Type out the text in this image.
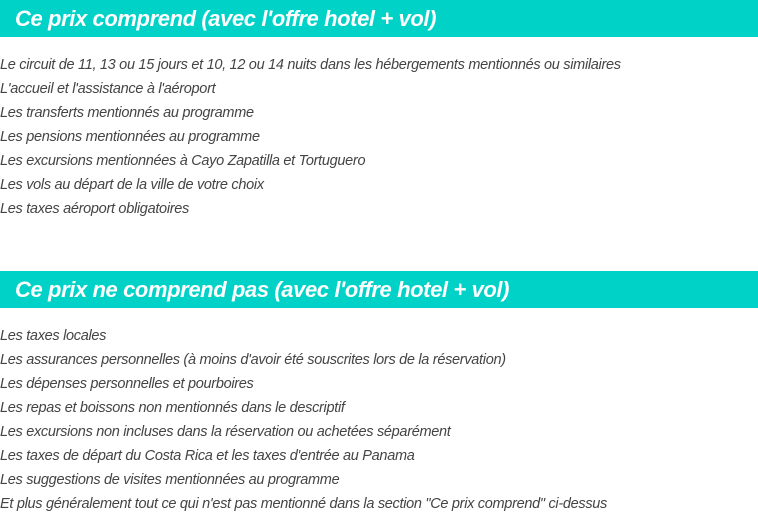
Ce prix comprend (avec l'offre hotel + vol)
Le circuit de 11, 13 ou 15 jours et 10, 12 ou 14 nuits dans les hébergements mentionnés ou similaires
L'accueil et l'assistance à l'aéroport
Les transferts mentionnés au programme
Les pensions mentionnées au programme
Les excursions mentionnées à Cayo Zapatilla et Tortuguero
Les vols au départ de la ville de votre choix
Les taxes aéroport obligatoires
Ce prix ne comprend pas (avec l'offre hotel + vol)
Les taxes locales
Les assurances personnelles (à moins d'avoir été souscrites lors de la réservation)
Les dépenses personnelles et pourboires
Les repas et boissons non mentionnés dans le descriptif
Les excursions non incluses dans la réservation ou achetées séparément
Les taxes de départ du Costa Rica et les taxes d'entrée au Panama
Les suggestions de visites mentionnées au programme
Et plus généralement tout ce qui n'est pas mentionné dans la section "Ce prix comprend" ci-dessus
